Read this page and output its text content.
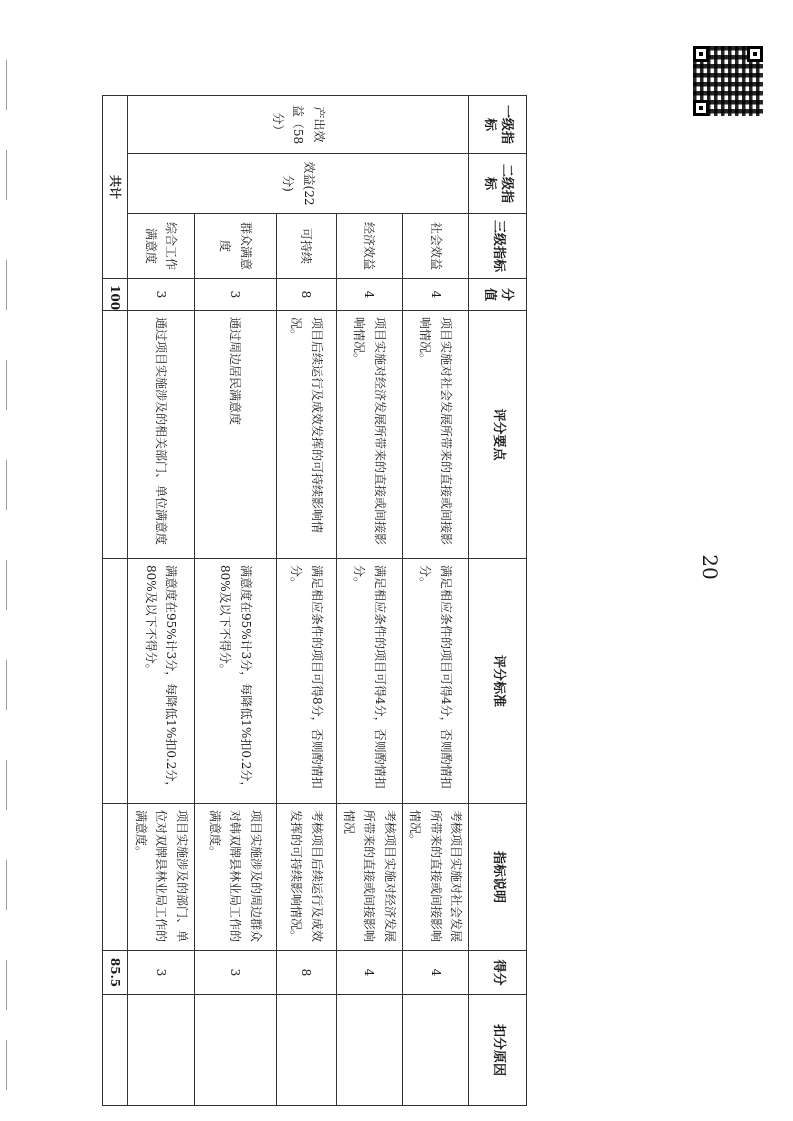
20
一级指标	二级指标	三级指标	分值	评分要点	评分标准	指标说明	得分	扣分原因
产出效益（58分）	效益(22分)	社会效益	4	项目实施对社会发展所带来的直接或间接影响情况。	满足相应条件的项目可得4分，否则酌情扣分。	考核项目实施对社会发展所带来的直接或间接影响情况。	4	
		经济效益	4	项目实施对经济发展所带来的直接或间接影响情况。	满足相应条件的项目可得4分，否则酌情扣分。	考核项目实施对经济发展所带来的直接或间接影响情况	4	
		可持续	8	项目后续运行及成效发挥的可持续影响情况。	满足相应条件的项目可得8分，否则酌情扣分。	考核项目后续运行及成效发挥的可持续影响情况。	8	
		群众满意度	3	通过周边居民满意度	满意度在95%计3分，每降低1%扣0.2分，80%及以下不得分。	项目实施涉及的周边群众对韩双牌县林业局工作的满意度。	3	
		综合工作满意度	3	通过项目实施涉及的相关部门、单位满意度	满意度在95%计3分，每降低1%扣0.2分，80%及以下不得分。	项目实施涉及的部门、单位对双牌县林业局工作的满意度。	3	
共计			100				85.5	
